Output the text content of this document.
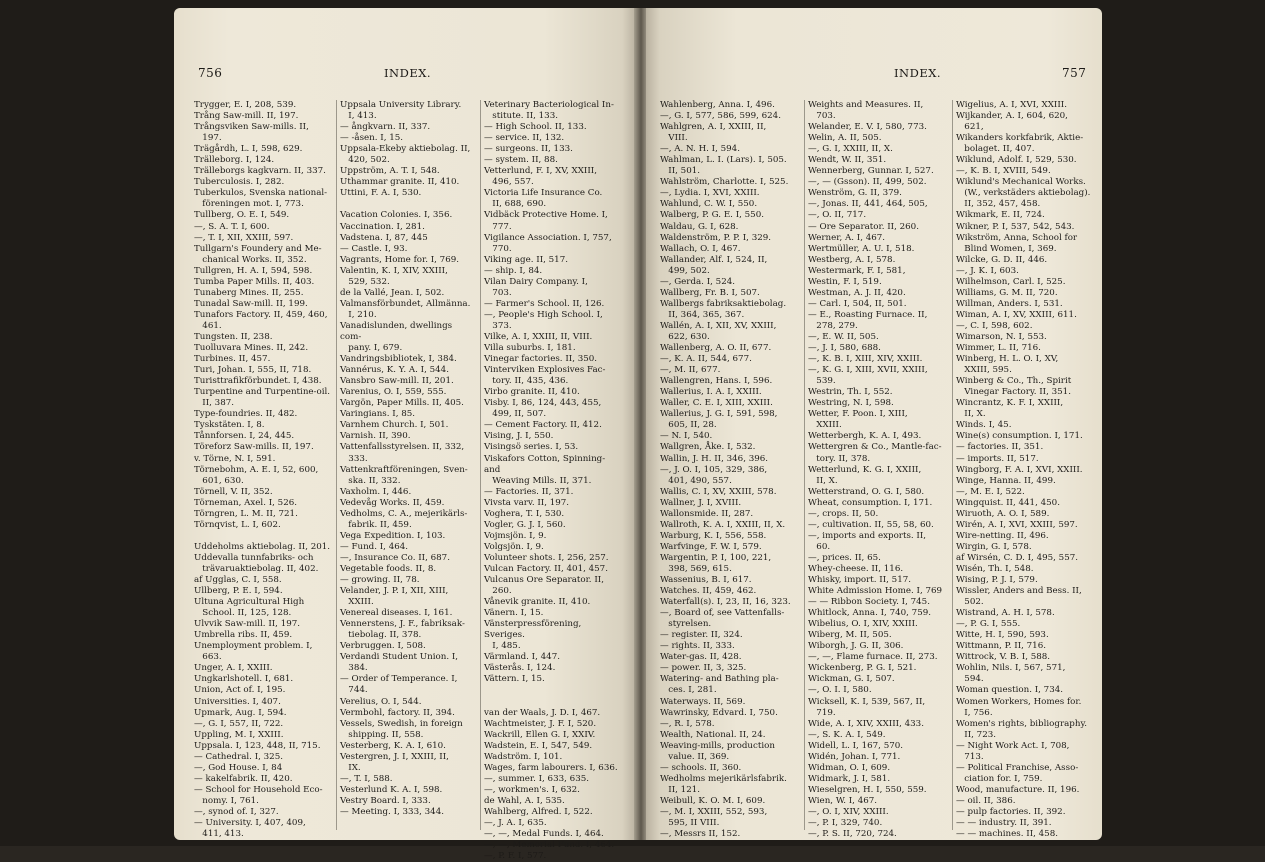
756	INDEX.
Trygger, E. I, 208, 539.
Trång Saw-mill. II, 197.
Trångsviken Saw-mills. II,
197.
Trägårdh, L. I, 598, 629.
Trälleborg. I, 124.
Trälleborgs kagkvarn. II, 337.
Tuberculosis. I, 282.
Tuberkulos, Svenska national-
föreningen mot. I, 773.
Tullberg, O. E. I, 549.
—, S. A. T. I, 600.
—, T. I, XII, XXIII, 597.
Tullgarn's Foundery and Me-
chanical Works. II, 352.
Tullgren, H. A. I, 594, 598.
Tumba Paper Mills. II, 403.
Tunaberg Mines. II, 255.
Tunadal Saw-mill. II, 199.
Tunafors Factory. II, 459, 460,
461.
Tungsten. II, 238.
Tuolluvara Mines. II, 242.
Turbines. II, 457.
Turi, Johan. I, 555, II, 718.
Turisttrafikförbundet. I, 438.
Turpentine and Turpentine-oil.
II, 387.
Type-foundries. II, 482.
Tyskstäten. I, 8.
Tånnforsen. I, 24, 445.
Töreforz Saw-mills. II, 197.
v. Törne, N. I, 591.
Törnebohm, A. E. I, 52, 600,
601, 630.
Törnell, V. II, 352.
Törneman, Axel. I, 526.
Törngren, L. M. II, 721.
Törnqvist, L. I, 602.

Uddeholms aktiebolag. II, 201.
Uddevalla tunnfabriks- och
trävaruaktiebolag. II, 402.
af Ugglas, C. I, 558.
Ullberg, P. E. I, 594.
Ultuna Agricultural High
School. II, 125, 128.
Ulvvik Saw-mill. II, 197.
Umbrella ribs. II, 459.
Unemployment problem. I,
663.
Unger, A. I, XXIII.
Ungkarlshotell. I, 681.
Union, Act of. I, 195.
Universities. I, 407.
Upmark, Aug. I, 594.
—, G. I, 557, II, 722.
Uppling, M. I, XXIII.
Uppsala. I, 123, 448, II, 715.
— Cathedral. I, 325.
—, God House. I, 84
— kakelfabrik. II, 420.
— School for Household Eco-
nomy. I, 761.
—, synod of. I, 327.
— University. I, 407, 409,
411, 413.
Uppsala University Library.
I, 413.
— ångkvarn. II, 337.
— -åsen. I, 15.
Uppsala-Ekeby aktiebolag. II,
420, 502.
Uppström, A. T. I, 548.
Uthammar granite. II, 410.
Uttini, F. A. I, 530.

Vacation Colonies. I, 356.
Vaccination. I, 281.
Vadstena. I, 87, 445
— Castle. I, 93.
Vagrants, Home for. I, 769.
Valentin, K. I, XIV, XXIII,
529, 532.
de la Vallé, Jean. I, 502.
Valmansförbundet, Allmänna.
I, 210.
Vanadislunden, dwellings com-
pany. I, 679.
Vandringsbibliotek, I, 384.
Vannérus, K. Y. A. I, 544.
Vansbro Saw-mill. II, 201.
Varenius, O. I, 559, 555.
Vargön, Paper Mills. II, 405.
Varingians. I, 85.
Varnhem Church. I, 501.
Varnish. II, 390.
Vattenfallsstyrelsen. II, 332,
333.
Vattenkraftföreningen, Sven-
ska. II, 332.
Vaxholm. I, 446.
Vedevåg Works. II, 459.
Vedholms, C. A., mejerikärls-
fabrik. II, 459.
Vega Expedition. I, 103.
— Fund. I, 464.
—, Insurance Co. II, 687.
Vegetable foods. II, 8.
— growing. II, 78.
Velander, J. P. I, XII, XIII,
XXIII.
Venereal diseases. I, 161.
Vennerstens, J. F., fabriksak-
tiebolag. II, 378.
Verbruggen. I, 508.
Verdandi Student Union. I,
384.
— Order of Temperance. I,
744.
Verelius, O. I, 544.
Vermbohl, factory. II, 394.
Vessels, Swedish, in foreign
shipping. II, 558.
Vesterberg, K. A. I, 610.
Vestergren, J. I, XXIII, II,
IX.
—, T. I, 588.
Vesterlund K. A. I, 598.
Vestry Board. I, 333.
— Meeting. I, 333, 344.
Veterinary Bacteriological In-
stitute. II, 133.
— High School. II, 133.
— service. II, 132.
— surgeons. II, 133.
— system. II, 88.
Vetterlund, F. I, XV, XXIII,
496, 557.
Victoria Life Insurance Co.
II, 688, 690.
Vidbäck Protective Home. I,
777.
Vigilance Association. I, 757,
770.
Viking age. II, 517.
— ship. I, 84.
Vilan Dairy Company. I,
703.
— Farmer's School. II, 126.
—, People's High School. I,
373.
Vilke, A. I, XXIII, II, VIII.
Villa suburbs. I, 181.
Vinegar factories. II, 350.
Vinterviken Explosives Fac-
tory. II, 435, 436.
Virbo granite. II, 410.
Visby. I, 86, 124, 443, 455,
499, II, 507.
— Cement Factory. II, 412.
Vising, J. I, 550.
Visingsö series. I, 53.
Viskafors Cotton, Spinning- and
Weaving Mills. II, 371.
— Factories. II, 371.
Vivsta varv. II, 197.
Voghera, T. I, 530.
Vogler, G. J. I, 560.
Vojmsjön. I, 9.
Volgsjön. I, 9.
Volunteer shots. I, 256, 257.
Vulcan Factory. II, 401, 457.
Vulcanus Ore Separator. II,
260.
Vånevik granite. II, 410.
Vänern. I, 15.
Vänsterpressförening, Sveriges.
I, 485.
Värmland. I, 447.
Västerås. I, 124.
Vättern. I, 15.

van der Waals, J. D. I, 467.
Wachtmeister, J. F. I, 520.
Wackrill, Ellen G. I, XXIV.
Wadstein, E. I, 547, 549.
Wadström. I, 101.
Wages, farm labourers. I, 636.
—, summer. I, 633, 635.
—, workmen's. I, 632.
de Wahl, A. I, 535.
Wahlberg, Alfred. I, 522.
—, J. A. I, 635.
—, —, Medal Funds. I, 464.
—, —, Memorial Fund. I, 464.
—, P. F. I, 577.
INDEX.	757
Wahlenberg, Anna. I, 496.
—, G. I, 577, 586, 599, 624.
Wahlgren, A. I, XXIII, II,
VIII.
—, A. N. H. I, 594.
Wahlman, L. I. (Lars). I, 505.
II, 501.
Wahlström, Charlotte. I, 525.
—, Lydia. I, XVI, XXIII.
Wahlund, C. W. I, 550.
Walberg, P. G. E. I, 550.
Waldau, G. I, 628.
Waldenström, P. P. I, 329.
Wallach, O. I, 467.
Wallander, Alf. I, 524, II,
499, 502.
—, Gerda. I, 524.
Wallberg, Fr. B. I, 507.
Wallbergs fabriksaktiebolag.
II, 364, 365, 367.
Wallén, A. I, XII, XV, XXIII,
622, 630.
Wallenberg, A. O. II, 677.
—, K. A. II, 544, 677.
—, M. II, 677.
Wallengren, Hans. I, 596.
Wallerius, I. A. I, XXIII.
Waller, C. E. I, XIII, XXIII.
Wallerius, J. G. I, 591, 598,
605, II, 28.
— N. I, 540.
Wallgren, Åke. I, 532.
Wallin, J. H. II, 346, 396.
—, J. O. I, 105, 329, 386,
401, 490, 557.
Wallis, C. I, XV, XXIII, 578.
Wallner, J. I, XVIII.
Wallonsmide. II, 287.
Wallroth, K. A. I, XXIII, II, X.
Warburg, K. I, 556, 558.
Warfvinge, F. W. I, 579.
Wargentin, P. I, 100, 221,
398, 569, 615.
Wassenius, B. I, 617.
Watches. II, 459, 462.
Waterfall(s). I, 23, II, 16, 323.
—, Board of, see Vattenfalls-
styrelsen.
— register. II, 324.
— rights. II, 333.
Water-gas. II, 428.
— power. II, 3, 325.
Watering- and Bathing pla-
ces. I, 281.
Waterways. II, 569.
Wawrinsky, Edvard. I, 750.
—, R. I, 578.
Wealth, National. II, 24.
Weaving-mills, production
value. II, 369.
— schools. II, 360.
Wedholms mejerikärlsfabrik.
II, 121.
Weibull, K. O. M. I, 609.
—, M. I, XXIII, 552, 593,
595, II VIII.
—, Messrs II, 152.
Weights and Measures. II,
703.
Welander, E. V. I, 580, 773.
Welin, A. II, 505.
—, G. I, XXIII, II, X.
Wendt, W. II, 351.
Wennerberg, Gunnar. I, 527.
—, — (Gsson). II, 499, 502.
Wenström, G. II, 379.
—, Jonas. II, 441, 464, 505,
—, O. II, 717.
— Ore Separator. II, 260.
Werner, A. I, 467.
Wertmüller, A. U. I, 518.
Westberg, A. I, 578.
Westermark, F. I, 581,
Westin, F. I, 519.
Westman, A. J. II, 420.
— Carl. I, 504, II, 501.
— E., Roasting Furnace. II,
278, 279.
—, E. W. II, 505.
—, J. I, 580, 688.
—, K. B. I, XIII, XIV, XXIII.
—, K. G. I, XIII, XVII, XXIII,
539.
Westrin, Th. I, 552.
Westring, N. I, 598.
Wetter, F. Poon. I, XIII,
XXIII.
Wetterbergh, K. A. I, 493.
Wettergren & Co., Mantle-fac-
tory. II, 378.
Wetterlund, K. G. I, XXIII,
II, X.
Wetterstrand, O. G. I, 580.
Wheat, consumption. I, 171.
—, crops. II, 50.
—, cultivation. II, 55, 58, 60.
—, imports and exports. II,
60.
—, prices. II, 65.
Whey-cheese. II, 116.
Whisky, import. II, 517.
White Admission Home. I, 769
— — Ribbon Society. I, 745.
Whitlock, Anna. I, 740, 759.
Wibelius, O. I, XIV, XXIII.
Wiberg, M. II, 505.
Wiborgh, J. G. II, 306.
—, —, Flame furnace. II, 273.
Wickenberg, P. G. I, 521.
Wickman, G. I, 507.
—, O. I. I, 580.
Wicksell, K. I, 539, 567, II,
719.
Wide, A. I, XIV, XXIII, 433.
—, S. K. A. I, 549.
Widell, L. I, 167, 570.
Widén, Johan. I, 771.
Widman, O. I, 609.
Widmark, J. I, 581.
Wieselgren, H. I, 550, 559.
Wien, W. I, 467.
—, O. I, XIV, XXIII.
—, P. I, 329, 740.
—, P. S. II, 720, 724.
Wigelius, A. I, XVI, XXIII.
Wijkander, A. I, 604, 620,
621,
Wikanders korkfabrik, Aktie-
bolaget. II, 407.
Wiklund, Adolf. I, 529, 530.
—, K. B. I, XVIII, 549.
Wiklund's Mechanical Works.
(W., verkstäders aktiebolag).
II, 352, 457, 458.
Wikmark, E. II, 724.
Wikner, P. I, 537, 542, 543.
Wikström, Anna, School for
Blind Women, I, 369.
Wilcke, G. D. II, 446.
—, J. K. I, 603.
Wilhelmson, Carl. I, 525.
Williams, G. M. II, 720.
Willman, Anders. I, 531.
Wiman, A. I, XV, XXIII, 611.
—, C. I, 598, 602.
Wimarson, N. I, 553.
Wimmer, L. II, 716.
Winberg, H. L. O. I, XV,
XXIII, 595.
Winberg & Co., Th., Spirit
Vinegar Factory. II, 351.
Wincrantz, K. F. I, XXIII,
II, X.
Winds. I, 45.
Wine(s) consumption. I, 171.
— factories. II, 351.
— imports. II, 517.
Wingborg, F. A. I, XVI, XXIII.
Winge, Hanna. II, 499.
—, M. E. I, 522.
Wingquist. II, 441, 450.
Wiruoth, A. O. I, 589.
Wirén, A. I, XVI, XXIII, 597.
Wire-netting. II, 496.
Wirgin, G. I, 578.
af Wirsén, C. D. I, 495, 557.
Wisén, Th. I, 548.
Wising, P. J. I, 579.
Wissler, Anders and Bess. II,
502.
Wistrand, A. H. I, 578.
—, P. G. I, 555.
Witte, H. I, 590, 593.
Wittmann, P. II, 716.
Wittrock, V. B. I, 588.
Wohlin, Nils. I, 567, 571,
594.
Woman question. I, 734.
Women Workers, Homes for.
I, 756.
Women's rights, bibliography.
II, 723.
— Night Work Act. I, 708,
713.
— Political Franchise, Asso-
ciation for. I, 759.
Wood, manufacture. II, 196.
— oil. II, 386.
— pulp factories. II, 392.
— — industry. II, 391.
— — machines. II, 458.
